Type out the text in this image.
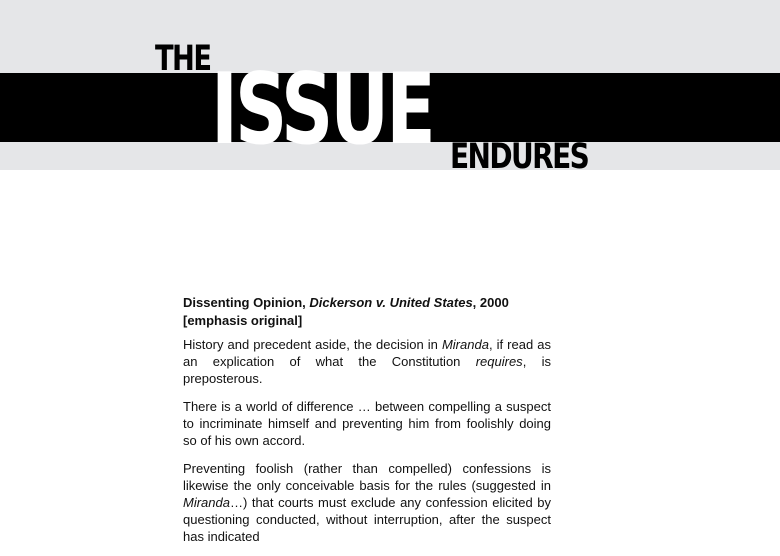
THE ISSUE ENDURES

Dissenting Opinion, Dickerson v. United States, 2000
[emphasis original]

History and precedent aside, the decision in Miranda, if read as an explication of what the Constitution requires, is preposterous.

There is a world of difference … between compelling a suspect to incriminate himself and preventing him from foolishly doing so of his own accord.

Preventing foolish (rather than compelled) confessions is likewise the only conceivable basis for the rules (suggested in Miranda…) that courts must exclude any confession elicited by questioning conducted, without interruption, after the suspect has indicated
